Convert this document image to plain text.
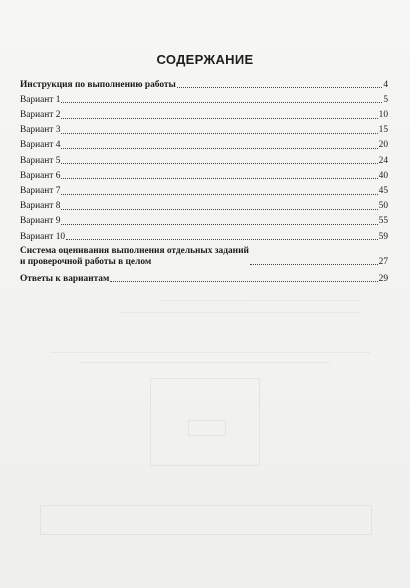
СОДЕРЖАНИЕ
Инструкция по выполнению работы	4
Вариант 1	5
Вариант 2	10
Вариант 3	15
Вариант 4	20
Вариант 5	24
Вариант 6	40
Вариант 7	45
Вариант 8	50
Вариант 9	55
Вариант 10	59
Система оценивания выполнения отдельных заданий
и проверочной работы в целом	27
Ответы к вариантам	29
